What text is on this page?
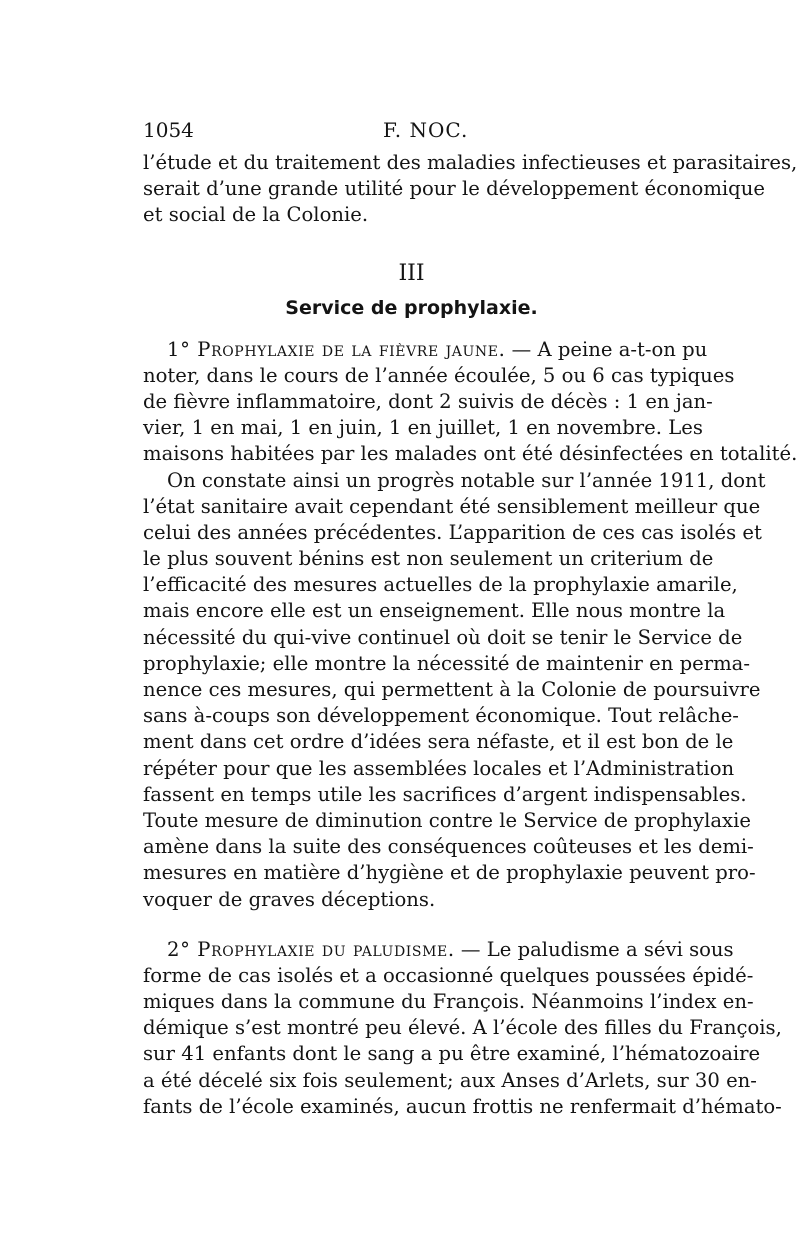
1054	F. NOC.
l’étude et du traitement des maladies infectieuses et parasitaires,
serait d’une grande utilité pour le développement économique
et social de la Colonie.
III
Service de prophylaxie.
1° Prophylaxie de la fièvre jaune. — A peine a-t-on pu
noter, dans le cours de l’année écoulée, 5 ou 6 cas typiques
de fièvre inflammatoire, dont 2 suivis de décès : 1 en jan-
vier, 1 en mai, 1 en juin, 1 en juillet, 1 en novembre. Les
maisons habitées par les malades ont été désinfectées en totalité.
On constate ainsi un progrès notable sur l’année 1911, dont
l’état sanitaire avait cependant été sensiblement meilleur que
celui des années précédentes. L’apparition de ces cas isolés et
le plus souvent bénins est non seulement un criterium de
l’efficacité des mesures actuelles de la prophylaxie amarile,
mais encore elle est un enseignement. Elle nous montre la
nécessité du qui-vive continuel où doit se tenir le Service de
prophylaxie; elle montre la nécessité de maintenir en perma-
nence ces mesures, qui permettent à la Colonie de poursuivre
sans à-coups son développement économique. Tout relâche-
ment dans cet ordre d’idées sera néfaste, et il est bon de le
répéter pour que les assemblées locales et l’Administration
fassent en temps utile les sacrifices d’argent indispensables.
Toute mesure de diminution contre le Service de prophylaxie
amène dans la suite des conséquences coûteuses et les demi-
mesures en matière d’hygiène et de prophylaxie peuvent pro-
voquer de graves déceptions.
2° Prophylaxie du paludisme. — Le paludisme a sévi sous
forme de cas isolés et a occasionné quelques poussées épidé-
miques dans la commune du François. Néanmoins l’index en-
démique s’est montré peu élevé. A l’école des filles du François,
sur 41 enfants dont le sang a pu être examiné, l’hématozoaire
a été décelé six fois seulement; aux Anses d’Arlets, sur 30 en-
fants de l’école examinés, aucun frottis ne renfermait d’hémato-
